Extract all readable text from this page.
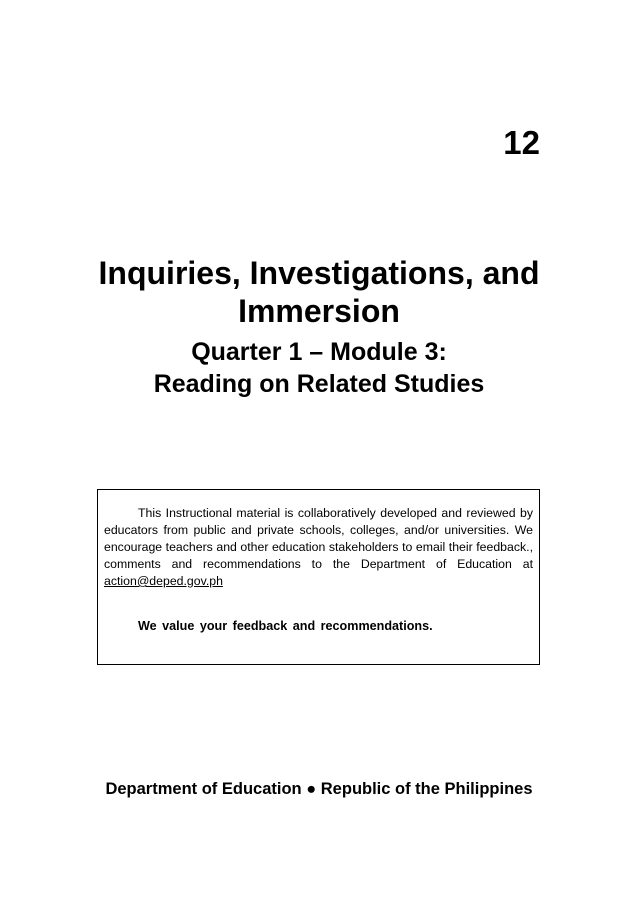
12
Inquiries, Investigations, and
Immersion
Quarter 1 – Module 3:
Reading on Related Studies

This Instructional material is collaboratively developed and reviewed by educators from public and private schools, colleges, and/or universities. We encourage teachers and other education stakeholders to email their feedback., comments and recommendations to the Department of Education at action@deped.gov.ph

We value your feedback and recommendations.
Department of Education ● Republic of the Philippines
